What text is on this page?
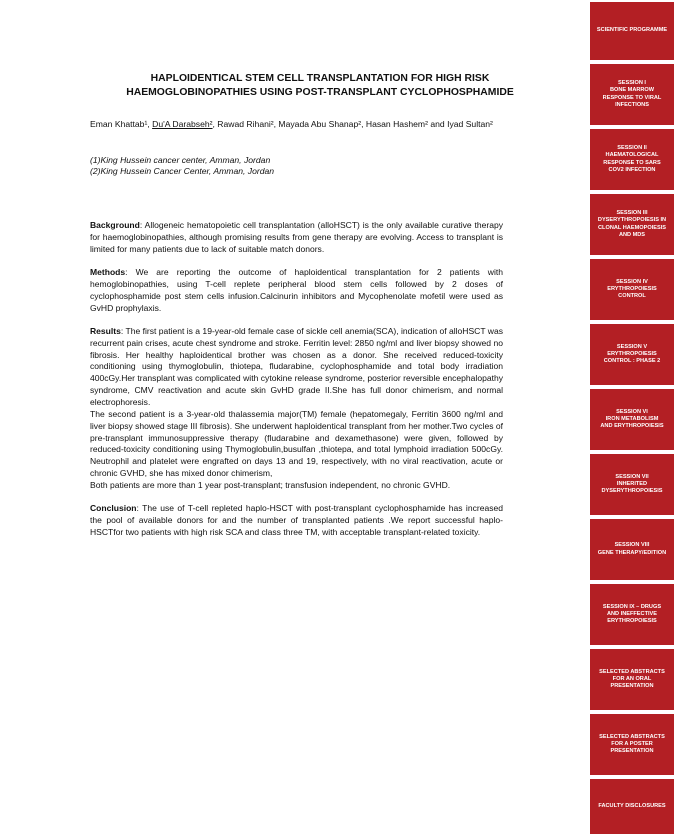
HAPLOIDENTICAL STEM CELL TRANSPLANTATION FOR HIGH RISK
HAEMOGLOBINOPATHIES USING POST-TRANSPLANT CYCLOPHOSPHAMIDE
Eman Khattab¹, Du'A Darabseh², Rawad Rihani², Mayada Abu Shanap², Hasan Hashem² and Iyad Sultan²
(1)King Hussein cancer center, Amman, Jordan
(2)King Hussein Cancer Center, Amman, Jordan

Background: Allogeneic hematopoietic cell transplantation (alloHSCT) is the only available curative therapy for haemoglobinopathies, although promising results from gene therapy are evolving. Access to transplant is limited for many patients due to lack of suitable match donors.

Methods: We are reporting the outcome of haploidentical transplantation for 2 patients with hemoglobinopathies, using T-cell replete peripheral blood stem cells followed by 2 doses of cyclophosphamide post stem cells infusion.Calcinurin inhibitors and Mycophenolate mofetil were used as GvHD prophylaxis.

Results: The first patient is a 19-year-old female case of sickle cell anemia(SCA), indication of alloHSCT was recurrent pain crises, acute chest syndrome and stroke. Ferritin level: 2850 ng/ml and liver biopsy showed no fibrosis. Her healthy haploidentical brother was chosen as a donor. She received reduced-toxicity conditioning using thymoglobulin, thiotepa, fludarabine, cyclophosphamide and total body irradiation 400cGy.Her transplant was complicated with cytokine release syndrome, posterior reversible encephalopathy syndrome, CMV reactivation and acute skin GvHD grade II.She has full donor chimerism, and normal electrophoresis.

The second patient is a 3-year-old thalassemia major(TM) female (hepatomegaly, Ferritin 3600 ng/ml and liver biopsy showed stage III fibrosis). She underwent haploidentical transplant from her mother.Two cycles of pre-transplant immunosuppressive therapy (fludarabine and dexamethasone) were given, followed by reduced-toxicity conditioning using Thymoglobulin,busulfan ,thiotepa, and total lymphoid irradiation 500cGy. Neutrophil and platelet were engrafted on days 13 and 19, respectively, with no viral reactivation, acute or chronic GVHD, she has mixed donor chimerism,

Both patients are more than 1 year post-transplant; transfusion independent, no chronic GVHD.

Conclusion: The use of T-cell repleted haplo-HSCT with post-transplant cyclophosphamide has increased the pool of available donors for and the number of transplanted patients .We report successful haplo-HSCTfor two patients with high risk SCA and class three TM, with acceptable transplant-related toxicity.

SCIENTIFIC PROGRAMME
SESSION I
BONE MARROW
RESPONSE TO VIRAL
INFECTIONS
SESSION II
HAEMATOLOGICAL
RESPONSE TO SARS
COV2 INFECTION
SESSION III
DYSERYTHROPOIESIS IN
CLONAL HAEMOPOIESIS
AND MDS
SESSION IV
ERYTHROPOIESIS
CONTROL
SESSION V
ERYTHROPOIESIS
CONTROL : PHASE 2
SESSION VI
IRON METABOLISM
AND ERYTHROPOIESIS
SESSION VII
INHERITED
DYSERYTHROPOIESIS
SESSION VIII
GENE THERAPY/EDITION
SESSION IX – DRUGS
AND INEFFECTIVE
ERYTHROPOIESIS
SELECTED ABSTRACTS
FOR AN ORAL
PRESENTATION
SELECTED ABSTRACTS
FOR A POSTER
PRESENTATION
FACULTY DISCLOSURES
